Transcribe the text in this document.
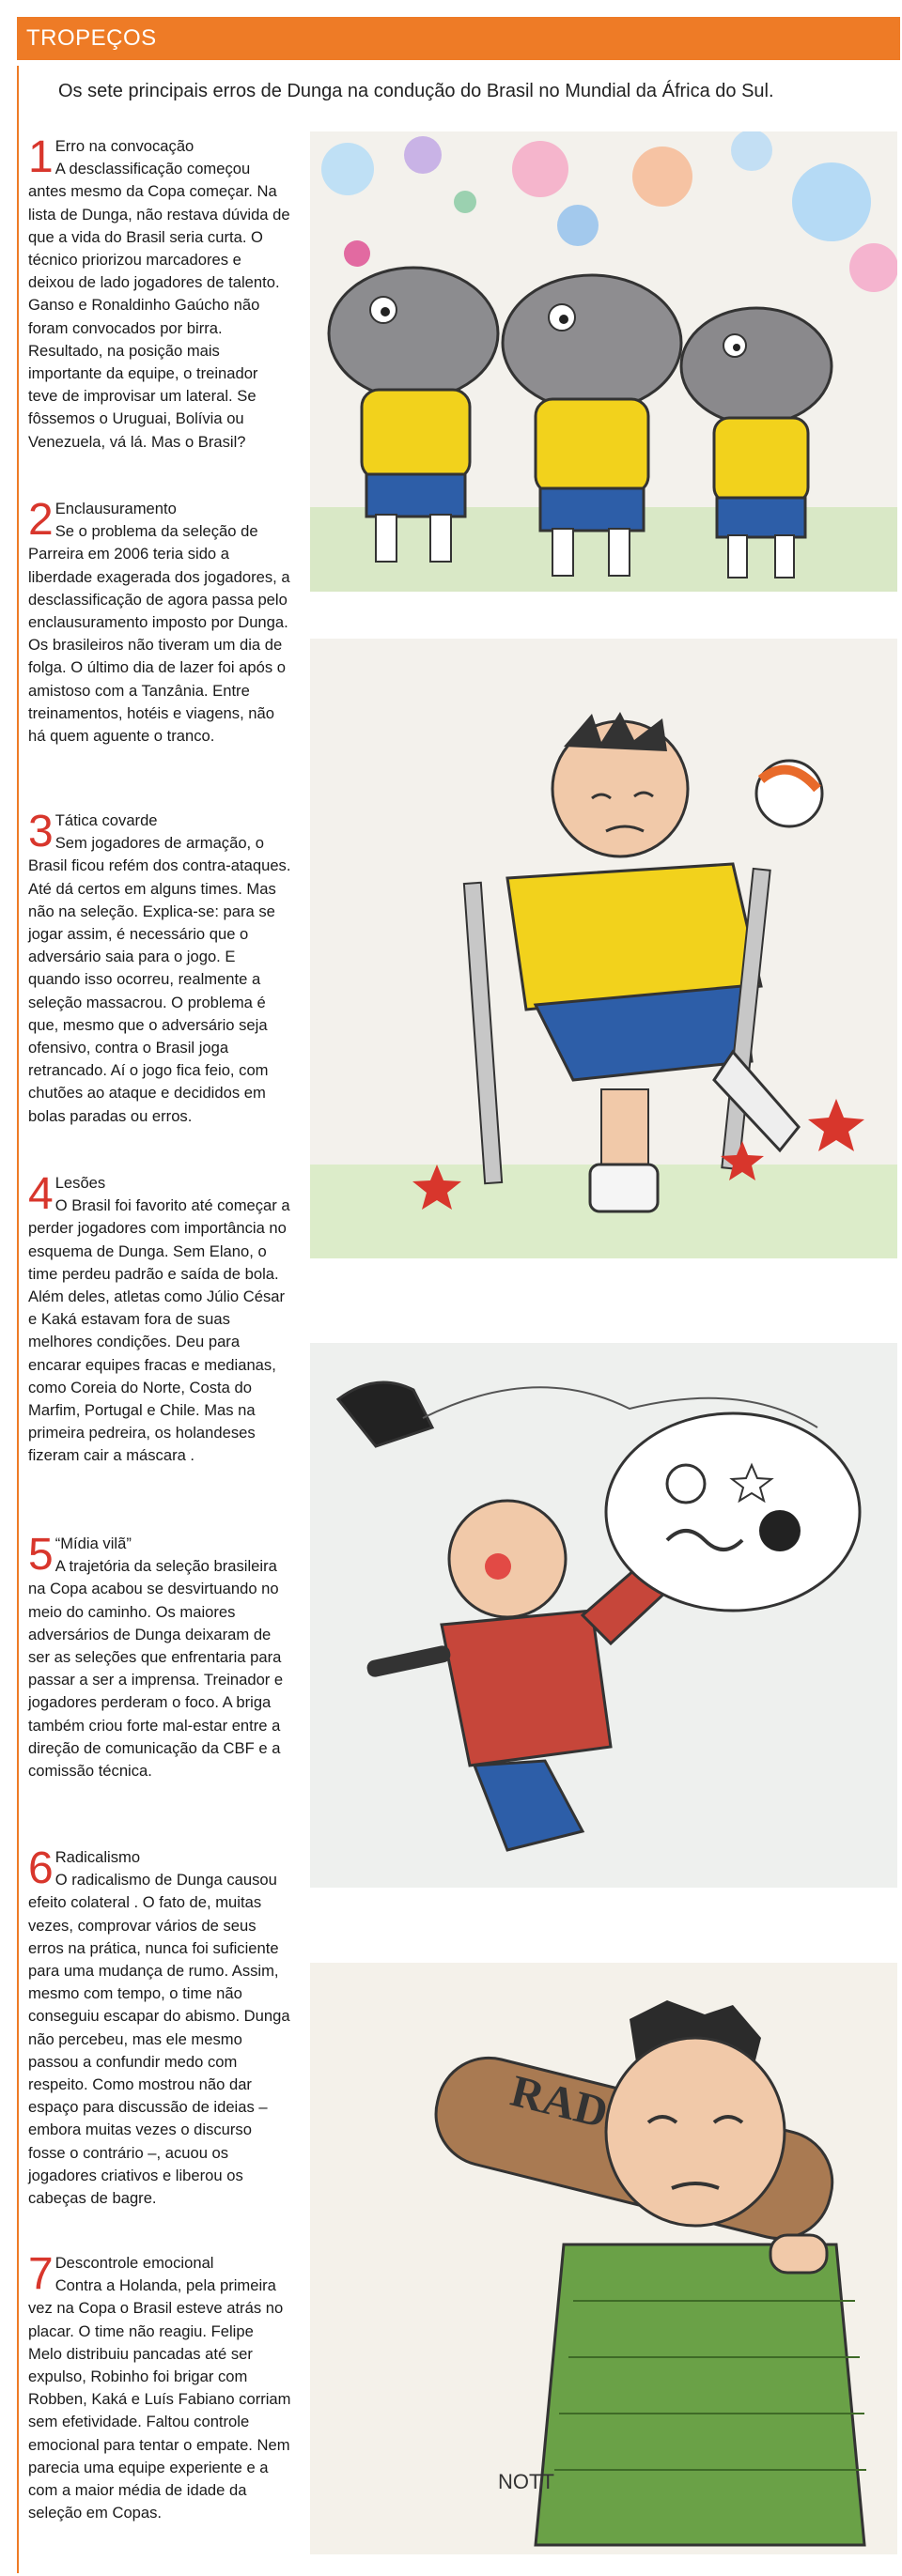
TROPEÇOS
Os sete principais erros de Dunga na condução do Brasil no Mundial da África do Sul.
1 Erro na convocação
A desclassificação começou antes mesmo da Copa começar. Na lista de Dunga, não restava dúvida de que a vida do Brasil seria curta. O técnico priorizou marcadores e deixou de lado jogadores de talento. Ganso e Ronaldinho Gaúcho não foram convocados por birra. Resultado, na posição mais importante da equipe, o treinador teve de improvisar um lateral. Se fôssemos o Uruguai, Bolívia ou Venezuela, vá lá. Mas o Brasil?
2 Enclausuramento
Se o problema da seleção de Parreira em 2006 teria sido a liberdade exagerada dos jogadores, a desclassificação de agora passa pelo enclausuramento imposto por Dunga. Os brasileiros não tiveram um dia de folga. O último dia de lazer foi após o amistoso com a Tanzânia. Entre treinamentos, hotéis e viagens, não há quem aguente o tranco.
3 Tática covarde
Sem jogadores de armação, o Brasil ficou refém dos contra-ataques. Até dá certos em alguns times. Mas não na seleção. Explica-se: para se jogar assim, é necessário que o adversário saia para o jogo. E quando isso ocorreu, realmente a seleção massacrou. O problema é que, mesmo que o adversário seja ofensivo, contra o Brasil joga retrancado. Aí o jogo fica feio, com chutões ao ataque e decididos em bolas paradas ou erros.
4 Lesões
O Brasil foi favorito até começar a perder jogadores com importância no esquema de Dunga. Sem Elano, o time perdeu padrão e saída de bola. Além deles, atletas como Júlio César e Kaká estavam fora de suas melhores condições. Deu para encarar equipes fracas e medianas, como Coreia do Norte, Costa do Marfim, Portugal e Chile. Mas na primeira pedreira, os holandeses fizeram cair a máscara .
5 “Mídia vilã”
A trajetória da seleção brasileira na Copa acabou se desvirtuando no meio do caminho. Os maiores adversários de Dunga deixaram de ser as seleções que enfrentaria para passar a ser a imprensa. Treinador e jogadores perderam o foco. A briga também criou forte mal-estar entre a direção de comunicação da CBF e a comissão técnica.
6 Radicalismo
O radicalismo de Dunga causou efeito colateral . O fato de, muitas vezes, comprovar vários de seus erros na prática, nunca foi suficiente para uma mudança de rumo. Assim, mesmo com tempo, o time não conseguiu escapar do abismo. Dunga não percebeu, mas ele mesmo passou a confundir medo com respeito. Como mostrou não dar espaço para discussão de ideias – embora muitas vezes o discurso fosse o contrário –, acuou os jogadores criativos e liberou os cabeças de bagre.
7 Descontrole emocional
Contra a Holanda, pela primeira vez na Copa o Brasil esteve atrás no placar. O time não reagiu. Felipe Melo distribuiu pancadas até ser expulso, Robinho foi brigar com Robben, Kaká e Luís Fabiano corriam sem efetividade. Faltou controle emocional para tentar o empate. Nem parecia uma equipe experiente e a com a maior média de idade da seleção em Copas.
NOTT
